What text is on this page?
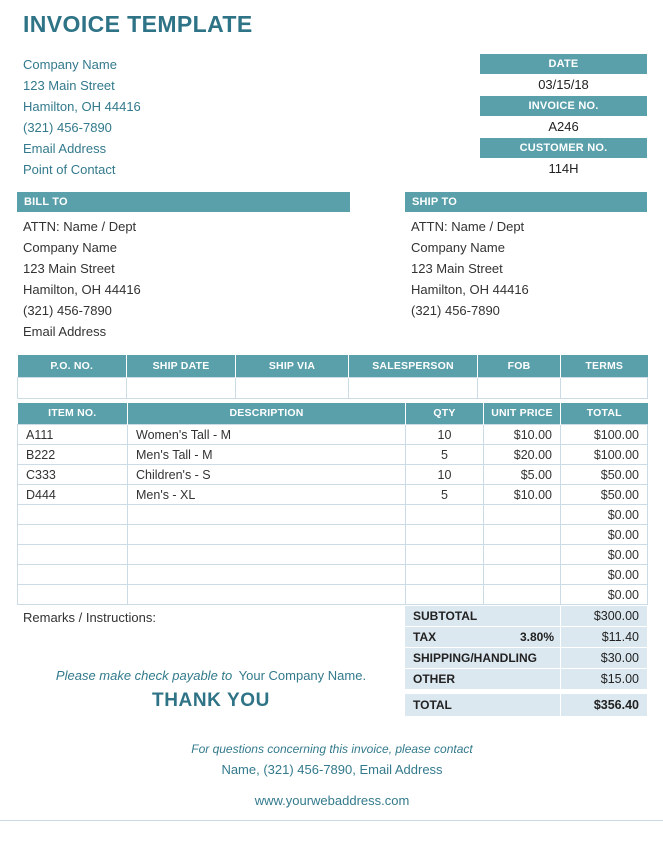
INVOICE TEMPLATE
Company Name
123 Main Street
Hamilton, OH 44416
(321) 456-7890
Email Address
Point of Contact
DATE
03/15/18
INVOICE NO.
A246
CUSTOMER NO.
114H
BILL TO
ATTN: Name / Dept
Company Name
123 Main Street
Hamilton, OH 44416
(321) 456-7890
Email Address
SHIP TO
ATTN: Name / Dept
Company Name
123 Main Street
Hamilton, OH 44416
(321) 456-7890
P.O. NO.	SHIP DATE	SHIP VIA	SALESPERSON	FOB	TERMS

ITEM NO.	DESCRIPTION	QTY	UNIT PRICE	TOTAL
A111	Women's Tall - M	10	$10.00	$100.00
B222	Men's Tall - M	5	$20.00	$100.00
C333	Children's - S	10	$5.00	$50.00
D444	Men's - XL	5	$10.00	$50.00
				$0.00
				$0.00
				$0.00
				$0.00
				$0.00
Remarks / Instructions:
Please make check payable to Your Company Name.
THANK YOU
SUBTOTAL	$300.00
TAX	3.80%	$11.40
SHIPPING/HANDLING	$30.00
OTHER	$15.00
TOTAL	$356.40
For questions concerning this invoice, please contact
Name, (321) 456-7890, Email Address
www.yourwebaddress.com
